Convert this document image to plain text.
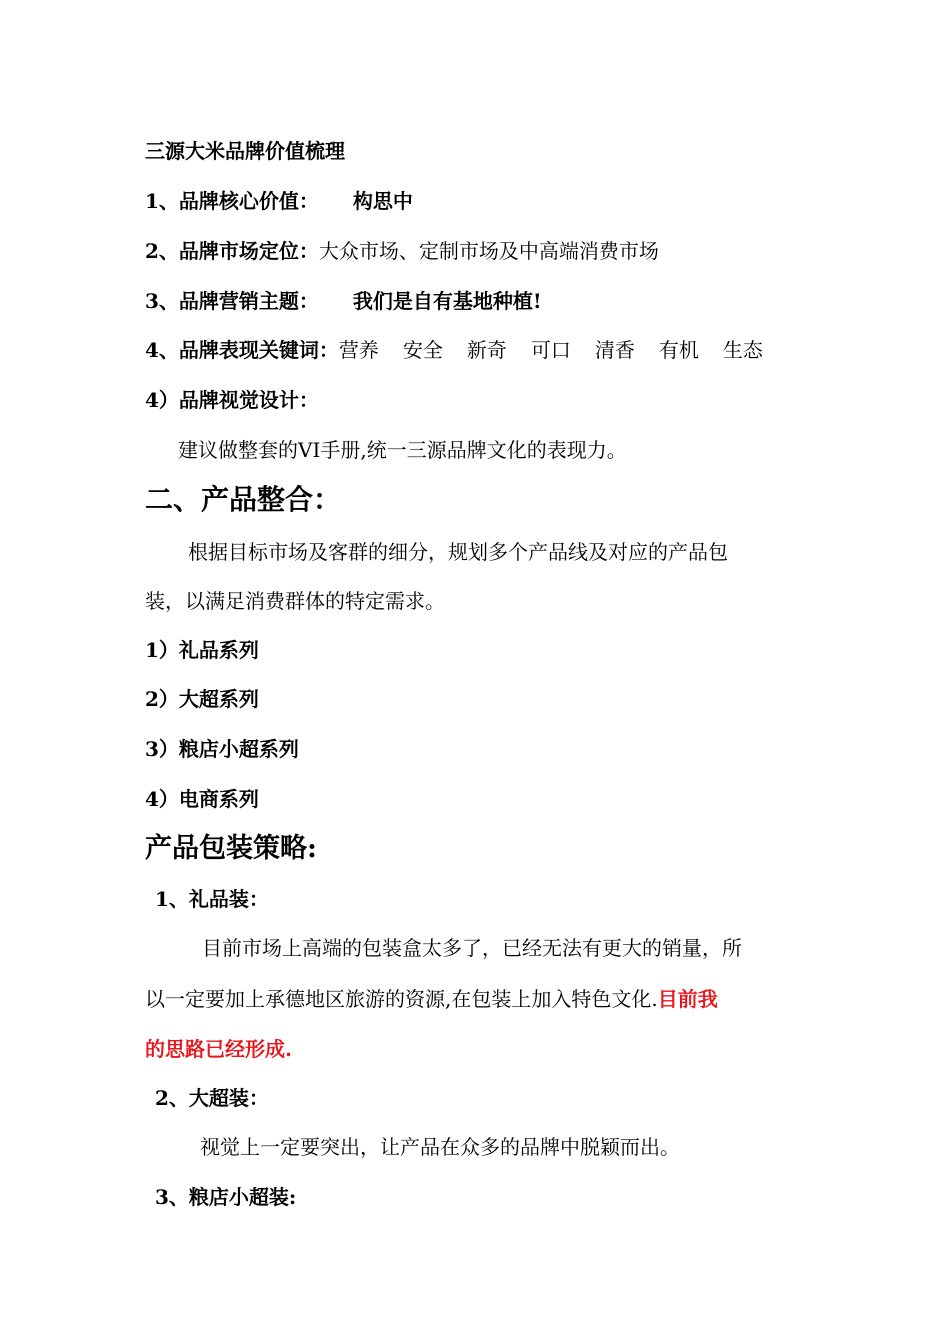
三源大米品牌价值梳理
1、品牌核心价值： 构思中
2、品牌市场定位：大众市场、定制市场及中高端消费市场
3、品牌营销主题： 我们是自有基地种植!
4、品牌表现关键词：营养 安全 新奇 可口 清香 有机 生态
4）品牌视觉设计：
建议做整套的VI手册,统一三源品牌文化的表现力。
二、产品整合：
根据目标市场及客群的细分，规划多个产品线及对应的产品包
装，以满足消费群体的特定需求。
1）礼品系列
2）大超系列
3）粮店小超系列
4）电商系列
产品包装策略:
1、礼品装：
目前市场上高端的包装盒太多了，已经无法有更大的销量，所
以一定要加上承德地区旅游的资源,在包装上加入特色文化.目前我
的思路已经形成.
2、大超装：
视觉上一定要突出，让产品在众多的品牌中脱颖而出。
3、粮店小超装:
